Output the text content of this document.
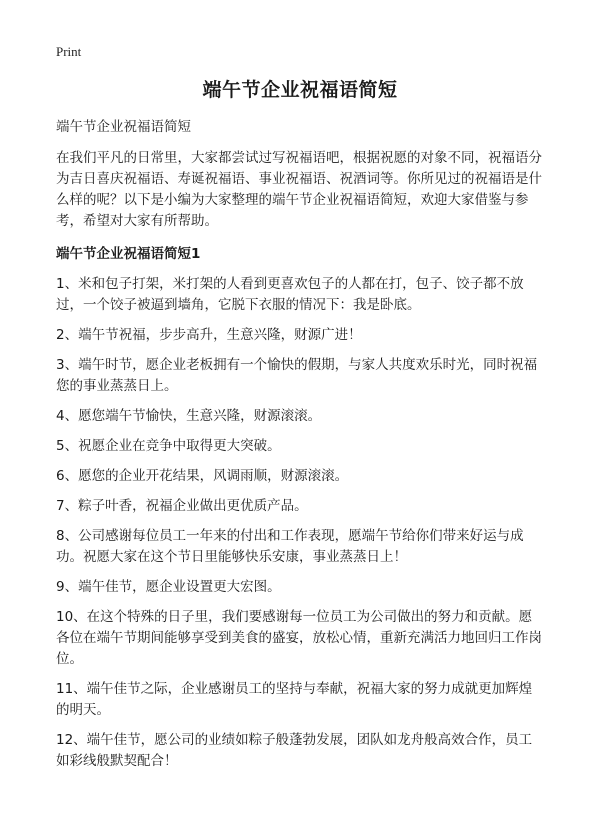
Print
端午节企业祝福语简短
端午节企业祝福语简短
在我们平凡的日常里，大家都尝试过写祝福语吧，根据祝愿的对象不同，祝福语分为吉日喜庆祝福语、寿诞祝福语、事业祝福语、祝酒词等。你所见过的祝福语是什么样的呢？以下是小编为大家整理的端午节企业祝福语简短，欢迎大家借鉴与参考，希望对大家有所帮助。
端午节企业祝福语简短1
1、米和包子打架，米打架的人看到更喜欢包子的人都在打，包子、饺子都不放过，一个饺子被逼到墙角，它脱下衣服的情况下：我是卧底。
2、端午节祝福，步步高升，生意兴隆，财源广进！
3、端午时节，愿企业老板拥有一个愉快的假期，与家人共度欢乐时光，同时祝福您的事业蒸蒸日上。
4、愿您端午节愉快，生意兴隆，财源滚滚。
5、祝愿企业在竞争中取得更大突破。
6、愿您的企业开花结果，风调雨顺，财源滚滚。
7、粽子叶香，祝福企业做出更优质产品。
8、公司感谢每位员工一年来的付出和工作表现，愿端午节给你们带来好运与成功。祝愿大家在这个节日里能够快乐安康，事业蒸蒸日上！
9、端午佳节，愿企业设置更大宏图。
10、在这个特殊的日子里，我们要感谢每一位员工为公司做出的努力和贡献。愿各位在端午节期间能够享受到美食的盛宴，放松心情，重新充满活力地回归工作岗位。
11、端午佳节之际，企业感谢员工的坚持与奉献，祝福大家的努力成就更加辉煌的明天。
12、端午佳节，愿公司的业绩如粽子般蓬勃发展，团队如龙舟般高效合作，员工如彩线般默契配合！
